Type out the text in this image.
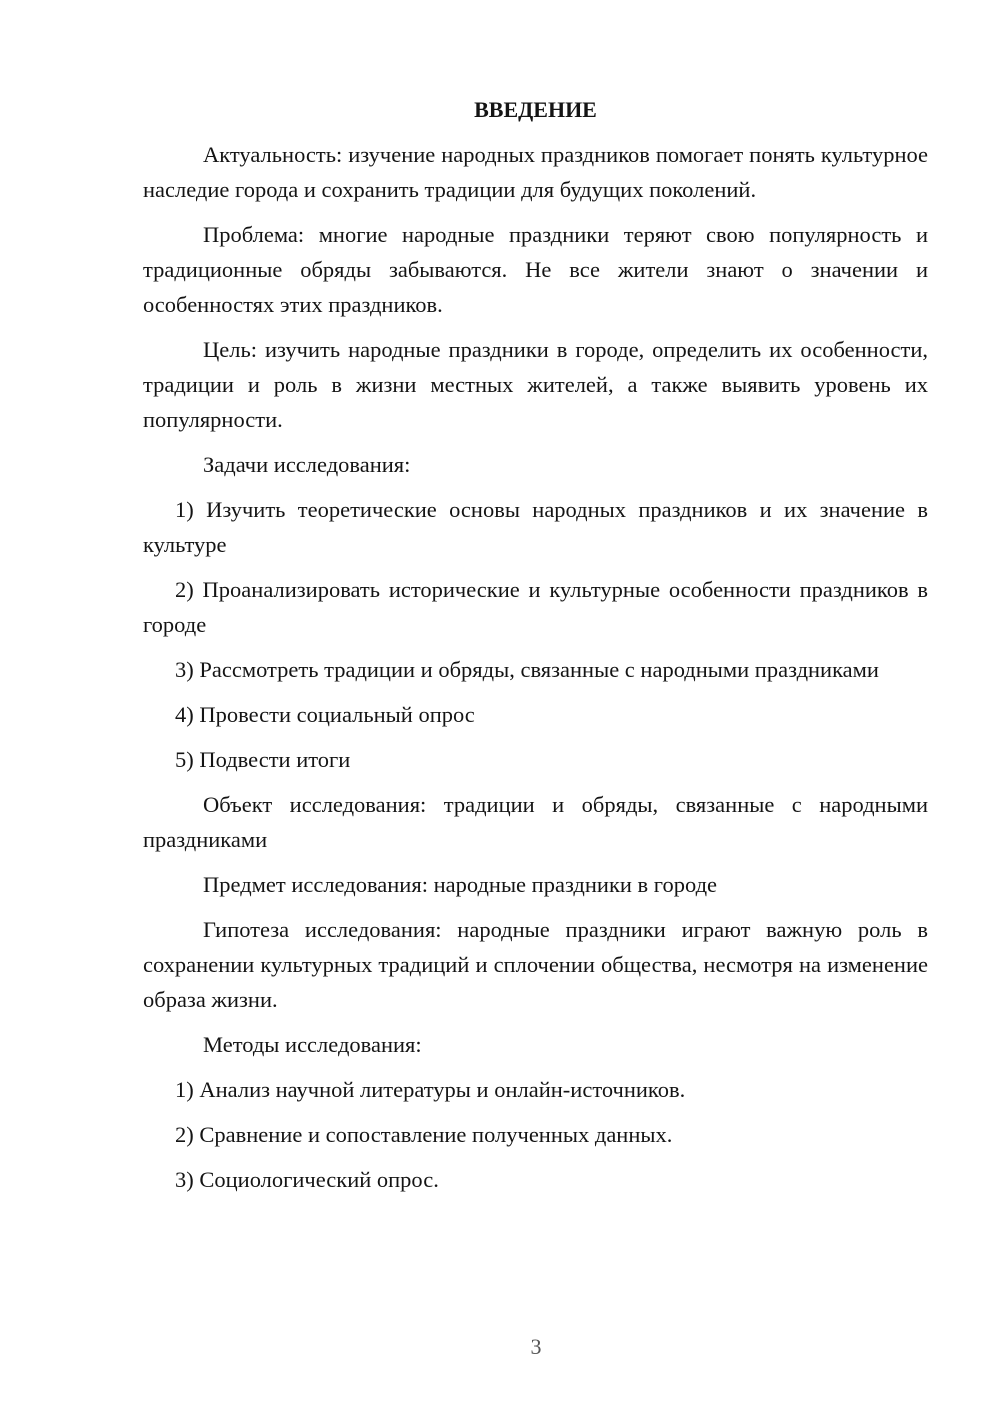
ВВЕДЕНИЕ

Актуальность: изучение народных праздников помогает понять культурное наследие города и сохранить традиции для будущих поколений.

Проблема: многие народные праздники теряют свою популярность и традиционные обряды забываются. Не все жители знают о значении и особенностях этих праздников.

Цель: изучить народные праздники в городе, определить их особенности, традиции и роль в жизни местных жителей, а также выявить уровень их популярности.

Задачи исследования:

1) Изучить теоретические основы народных праздников и их значение в культуре

2) Проанализировать исторические и культурные особенности праздников в городе

3) Рассмотреть традиции и обряды, связанные с народными праздниками

4) Провести социальный опрос

5) Подвести итоги

Объект исследования: традиции и обряды, связанные с народными праздниками

Предмет исследования: народные праздники в городе

Гипотеза исследования: народные праздники играют важную роль в сохранении культурных традиций и сплочении общества, несмотря на изменение образа жизни.

Методы исследования:

1) Анализ научной литературы и онлайн-источников.

2) Сравнение и сопоставление полученных данных.

3) Социологический опрос.

3
